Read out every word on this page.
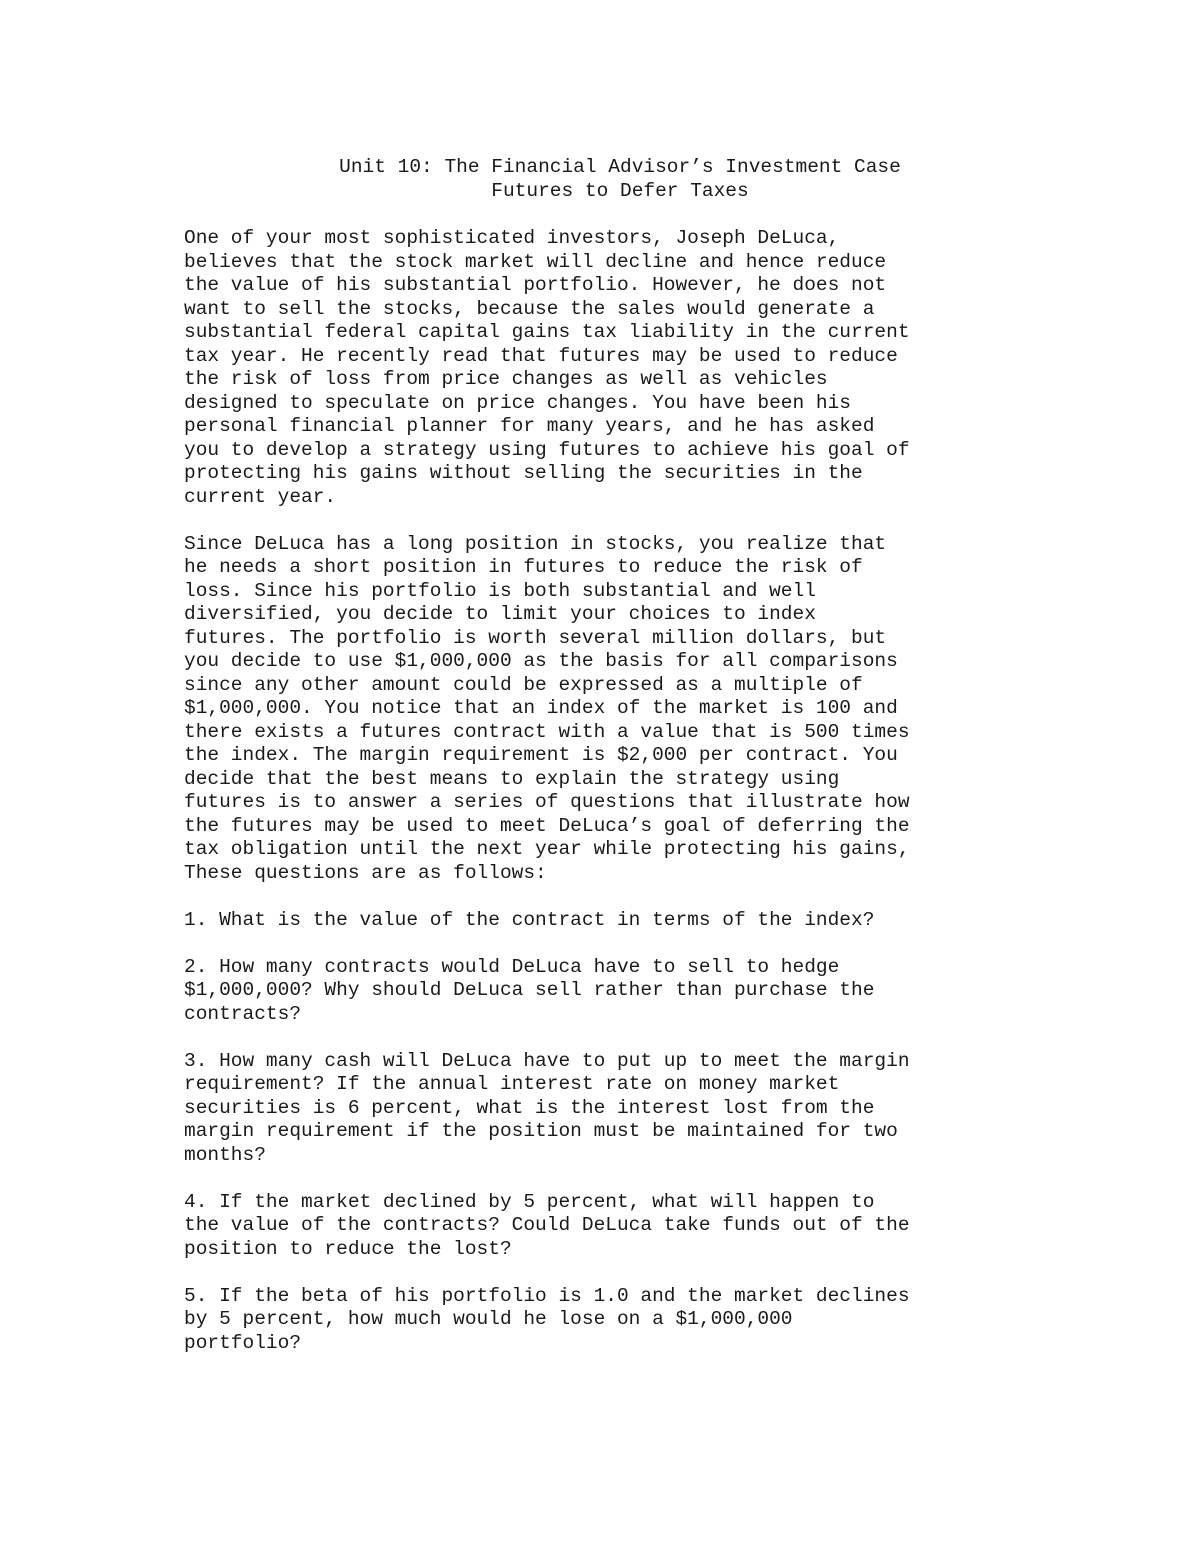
Unit 10: The Financial Advisor’s Investment Case
Futures to Defer Taxes

One of your most sophisticated investors, Joseph DeLuca,
believes that the stock market will decline and hence reduce
the value of his substantial portfolio. However, he does not
want to sell the stocks, because the sales would generate a
substantial federal capital gains tax liability in the current
tax year. He recently read that futures may be used to reduce
the risk of loss from price changes as well as vehicles
designed to speculate on price changes. You have been his
personal financial planner for many years, and he has asked
you to develop a strategy using futures to achieve his goal of
protecting his gains without selling the securities in the
current year.

Since DeLuca has a long position in stocks, you realize that
he needs a short position in futures to reduce the risk of
loss. Since his portfolio is both substantial and well
diversified, you decide to limit your choices to index
futures. The portfolio is worth several million dollars, but
you decide to use $1,000,000 as the basis for all comparisons
since any other amount could be expressed as a multiple of
$1,000,000. You notice that an index of the market is 100 and
there exists a futures contract with a value that is 500 times
the index. The margin requirement is $2,000 per contract. You
decide that the best means to explain the strategy using
futures is to answer a series of questions that illustrate how
the futures may be used to meet DeLuca’s goal of deferring the
tax obligation until the next year while protecting his gains,
These questions are as follows:

1. What is the value of the contract in terms of the index?

2. How many contracts would DeLuca have to sell to hedge
$1,000,000? Why should DeLuca sell rather than purchase the
contracts?

3. How many cash will DeLuca have to put up to meet the margin
requirement? If the annual interest rate on money market
securities is 6 percent, what is the interest lost from the
margin requirement if the position must be maintained for two
months?

4. If the market declined by 5 percent, what will happen to
the value of the contracts? Could DeLuca take funds out of the
position to reduce the lost?

5. If the beta of his portfolio is 1.0 and the market declines
by 5 percent, how much would he lose on a $1,000,000
portfolio?
